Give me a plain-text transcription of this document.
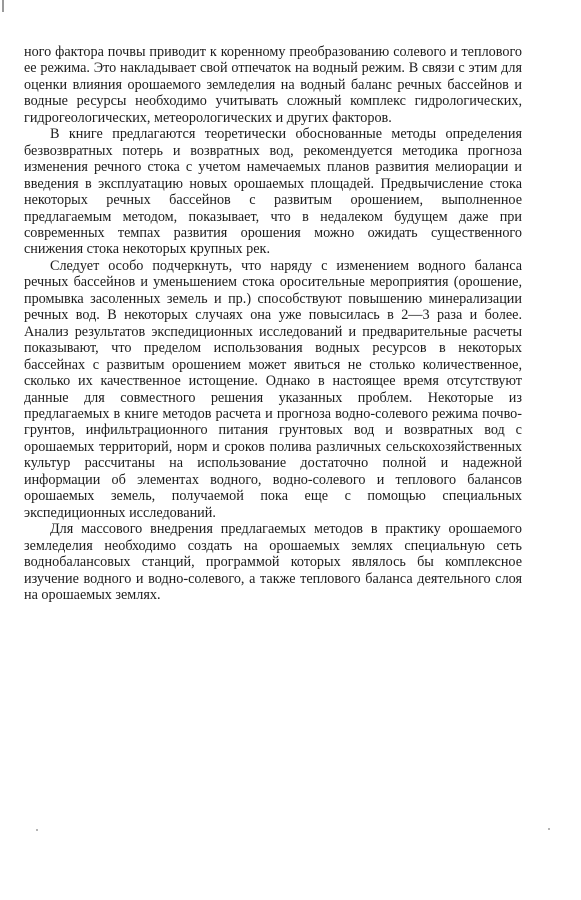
ного фактора почвы приводит к коренному преобразованию солевого и теплового ее режима. Это накладывает свой отпечаток на водный режим. В связи с этим для оценки влияния орошаемого земледелия на водный баланс речных бассейнов и водные ресурсы необходимо учитывать сложный комплекс гидрологических, гидрогеологических, метеорологических и других факторов.

В книге предлагаются теоретически обоснованные методы определения безвозвратных потерь и возвратных вод, рекомендуется методика прогноза изменения речного стока с учетом намечаемых планов развития мелиорации и введения в эксплуатацию новых орошаемых площадей. Предвычисление стока некоторых речных бассейнов с развитым орошением, выполненное предлагаемым методом, показывает, что в недалеком будущем даже при современных темпах развития орошения можно ожидать существенного снижения стока некоторых крупных рек.

Следует особо подчеркнуть, что наряду с изменением водного баланса речных бассейнов и уменьшением стока оросительные мероприятия (орошение, промывка засоленных земель и пр.) способствуют повышению минерализации речных вод. В некоторых случаях она уже повысилась в 2—3 раза и более. Анализ результатов экспедиционных исследований и предварительные расчеты показывают, что пределом использования водных ресурсов в некоторых бассейнах с развитым орошением может явиться не столько количественное, сколько их качественное истощение. Однако в настоящее время отсутствуют данные для совместного решения указанных проблем. Некоторые из предлагаемых в книге методов расчета и прогноза водно-солевого режима почво-грунтов, инфильтрационного питания грунтовых вод и возвратных вод с орошаемых территорий, норм и сроков полива различных сельскохозяйственных культур рассчитаны на использование достаточно полной и надежной информации об элементах водного, водно-солевого и теплового балансов орошаемых земель, получаемой пока еще с помощью специальных экспедиционных исследований.

Для массового внедрения предлагаемых методов в практику орошаемого земледелия необходимо создать на орошаемых землях специальную сеть воднобалансовых станций, программой которых являлось бы комплексное изучение водного и водно-солевого, а также теплового баланса деятельного слоя на орошаемых землях.
